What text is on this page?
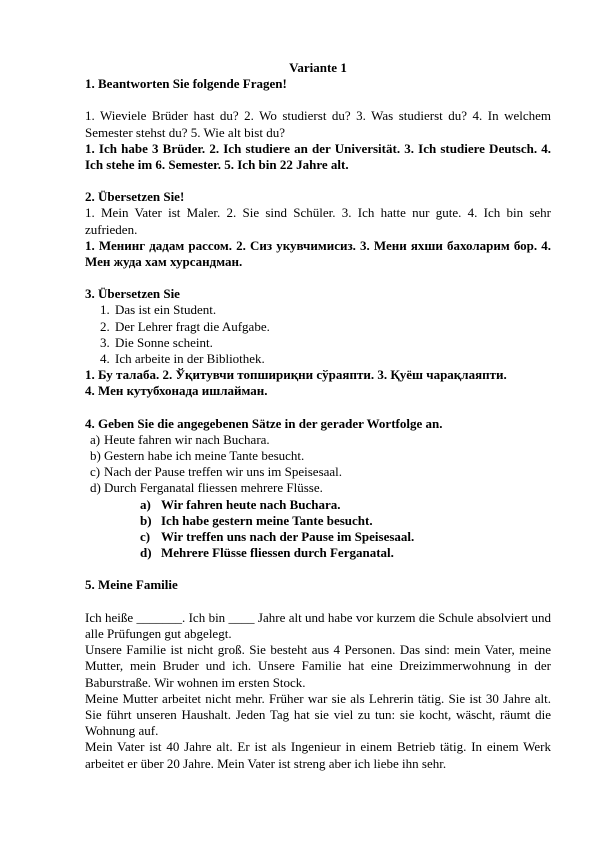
Variante 1

1. Beantworten Sie folgende Fragen!

1. Wieviele Brüder hast du? 2. Wo studierst du? 3. Was studierst du? 4. In welchem Semester stehst du? 5. Wie alt bist du?

1. Ich habe 3 Brüder. 2. Ich studiere an der Universität. 3. Ich studiere Deutsch. 4. Ich stehe im 6. Semester. 5. Ich bin 22 Jahre alt.

2. Übersetzen Sie!

1. Mein Vater ist Maler. 2. Sie sind Schüler. 3. Ich hatte nur gute. 4. Ich bin sehr zufrieden.

1. Менинг дадам рассом. 2. Сиз укувчимисиз. 3. Мени яхши бахоларим бор. 4. Мен жуда хам хурсандман.

3. Übersetzen Sie

1. Das ist ein Student.
2. Der Lehrer fragt die Aufgabe.
3. Die Sonne scheint.
4. Ich arbeite in der Bibliothek.

1. Бу талаба. 2. Ўқитувчи топшириқни сўраяпти. 3. Қуёш чарақлаяпти.

4. Мен кутубхонада ишлайман.

4. Geben Sie die angegebenen Sätze in der gerader Wortfolge an.

a) Heute fahren wir nach Buchara.
b) Gestern habe ich meine Tante besucht.
c) Nach der Pause treffen wir uns im Speisesaal.
d) Durch Ferganatal fliessen mehrere Flüsse.
a) Wir fahren heute nach Buchara.
b) Ich habe gestern meine Tante besucht.
c) Wir treffen uns nach der Pause im Speisesaal.
d) Mehrere Flüsse fliessen durch Ferganatal.

5. Meine Familie

Ich heiße _______. Ich bin ____ Jahre alt und habe vor kurzem die Schule absolviert und alle Prüfungen gut abgelegt.

Unsere Familie ist nicht groß. Sie besteht aus 4 Personen. Das sind: mein Vater, meine Mutter, mein Bruder und ich. Unsere Familie hat eine Dreizimmerwohnung in der Baburstraße. Wir wohnen im ersten Stock.

Meine Mutter arbeitet nicht mehr. Früher war sie als Lehrerin tätig. Sie ist 30 Jahre alt. Sie führt unseren Haushalt. Jeden Tag hat sie viel zu tun: sie kocht, wäscht, räumt die Wohnung auf.

Mein Vater ist 40 Jahre alt. Er ist als Ingenieur in einem Betrieb tätig. In einem Werk arbeitet er über 20 Jahre. Mein Vater ist streng aber ich liebe ihn sehr.
